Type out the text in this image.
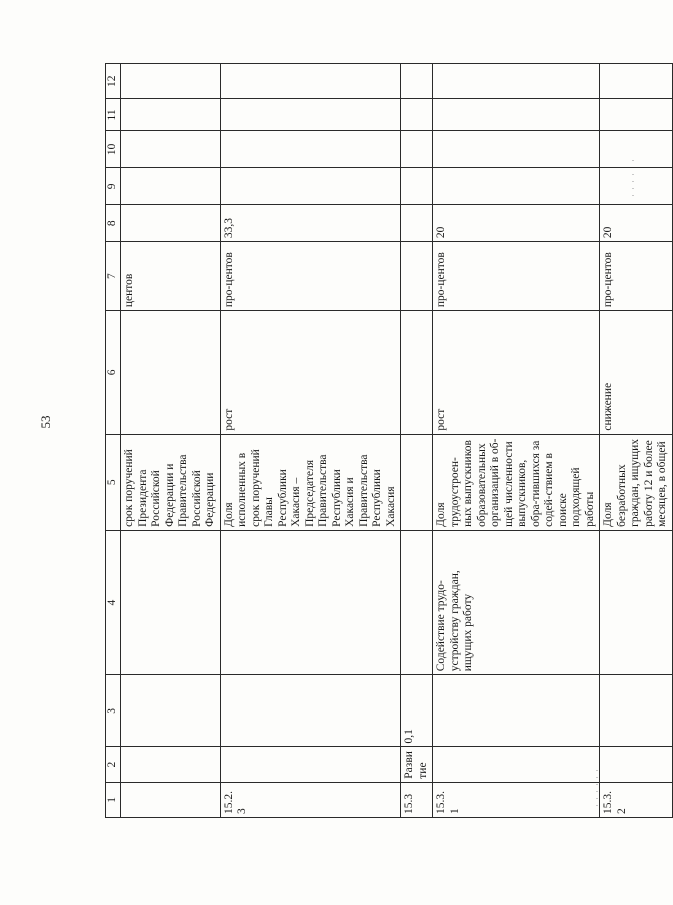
53
1	2	3	4	5	6	7	8	9	10	11	12
				срок поручений Президента Российской Федерации и Правительства Российской Федерации		центов					
15.2.3				Доля исполненных в срок поручений Главы Республики Хакасия – Председателя Правительства Республики Хакасия и Правительства Республики Хакасия	рост	про-центов	33,3				
15.3	Развитие	0,1									
15.3.1			Содействие трудо-устройству граждан, ищущих работу	Доля трудоустроен-ных выпускников образовательных организаций в об-щей численности выпускников, обра-тившихся за содей-ствием в поиске подходящей работы	рост	про-центов	20				
15.3.2				Доля безработных граждан, ищущих работу 12 и более месяцев, в общей	снижение	про-центов	20				
